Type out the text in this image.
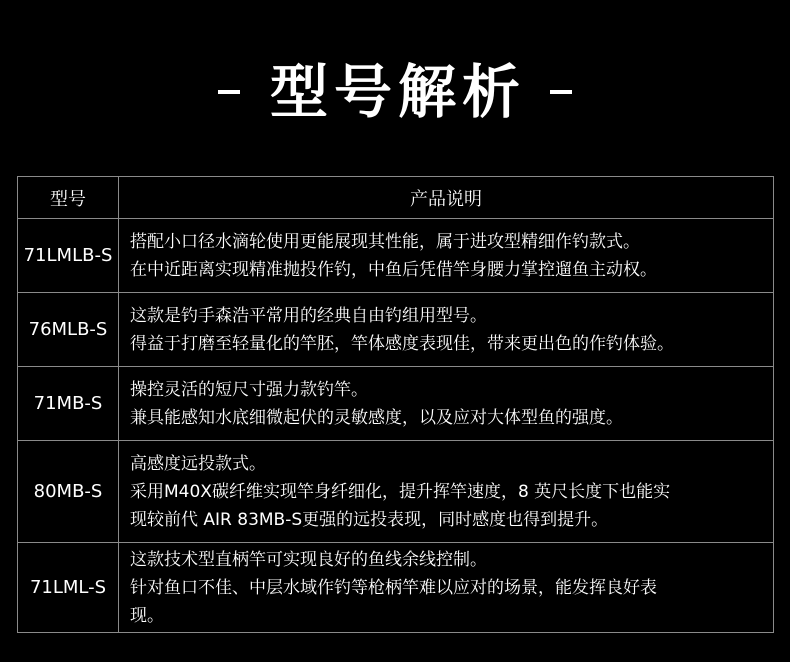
型号解析
型号	产品说明
71LMLB-S	搭配小口径水滴轮使用更能展现其性能，属于进攻型精细作钓款式。
在中近距离实现精准抛投作钓，中鱼后凭借竿身腰力掌控遛鱼主动权。

76MLB-S	这款是钓手森浩平常用的经典自由钓组用型号。
得益于打磨至轻量化的竿胚，竿体感度表现佳，带来更出色的作钓体验。

71MB-S	操控灵活的短尺寸强力款钓竿。
兼具能感知水底细微起伏的灵敏感度，以及应对大体型鱼的强度。

80MB-S	高感度远投款式。
采用M40X碳纤维实现竿身纤细化，提升挥竿速度，8 英尺长度下也能实
现较前代 AIR 83MB-S更强的远投表现，同时感度也得到提升。

71LML-S	这款技术型直柄竿可实现良好的鱼线余线控制。
针对鱼口不佳、中层水域作钓等枪柄竿难以应对的场景，能发挥良好表
现。
